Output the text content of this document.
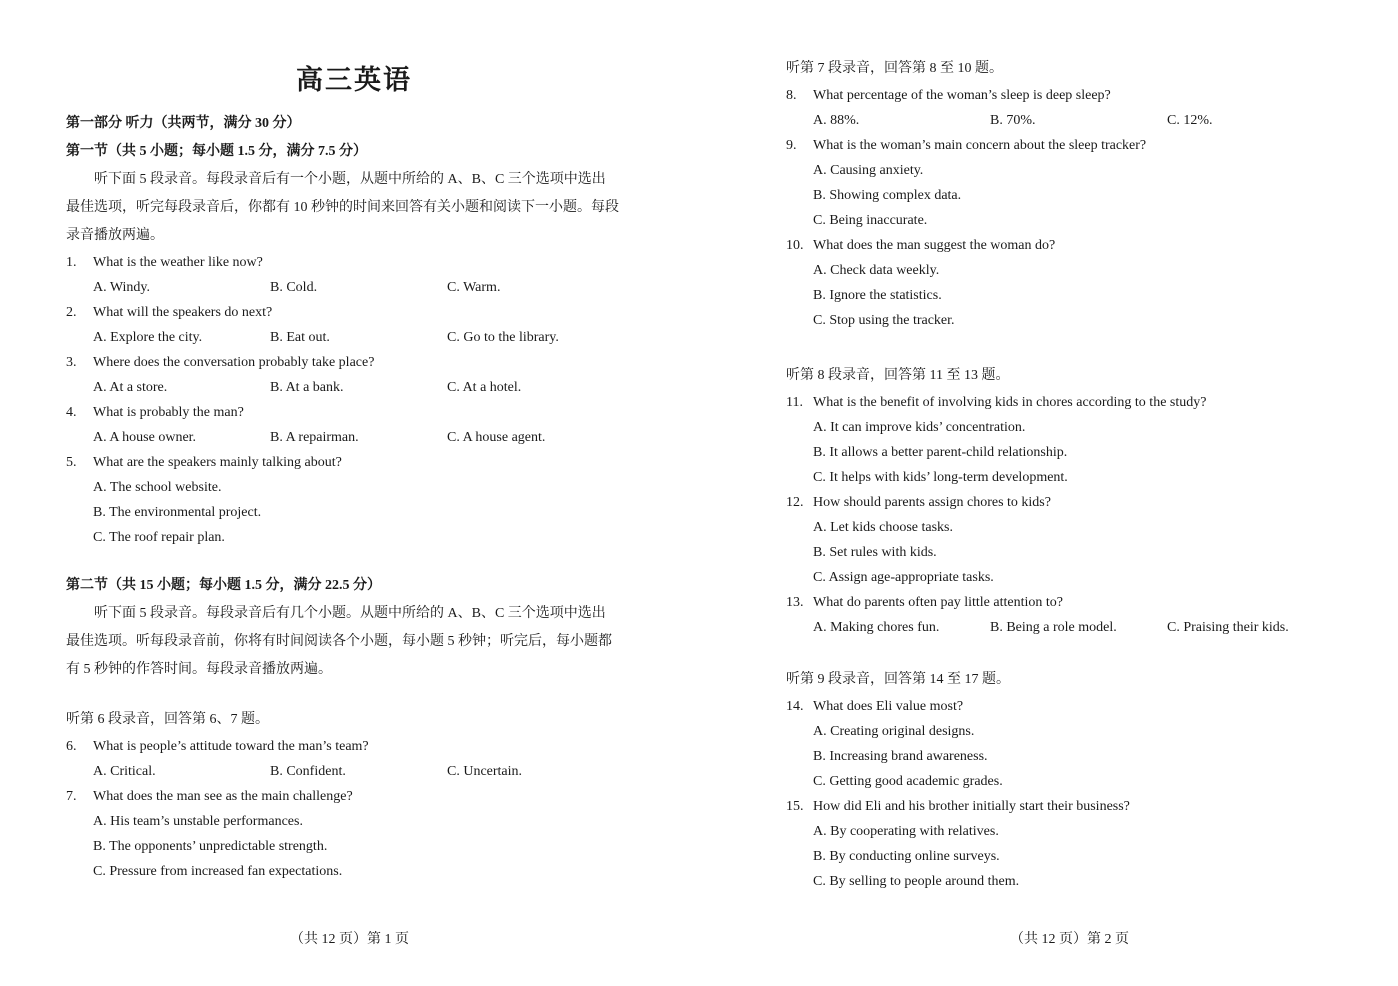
高三英语
第一部分 听力（共两节，满分 30 分）
第一节（共 5 小题；每小题 1.5 分，满分 7.5 分）
听下面 5 段录音。每段录音后有一个小题，从题中所给的 A、B、C 三个选项中选出
最佳选项，听完每段录音后，你都有 10 秒钟的时间来回答有关小题和阅读下一小题。每段
录音播放两遍。
1. What is the weather like now?
A. Windy.	B. Cold.	C. Warm.
2. What will the speakers do next?
A. Explore the city.	B. Eat out.	C. Go to the library.
3. Where does the conversation probably take place?
A. At a store.	B. At a bank.	C. At a hotel.
4. What is probably the man?
A. A house owner.	B. A repairman.	C. A house agent.
5. What are the speakers mainly talking about?
A. The school website.
B. The environmental project.
C. The roof repair plan.
第二节（共 15 小题；每小题 1.5 分，满分 22.5 分）
听下面 5 段录音。每段录音后有几个小题。从题中所给的 A、B、C 三个选项中选出
最佳选项。听每段录音前，你将有时间阅读各个小题，每小题 5 秒钟；听完后，每小题都
有 5 秒钟的作答时间。每段录音播放两遍。
听第 6 段录音，回答第 6、7 题。
6. What is people’s attitude toward the man’s team?
A. Critical.	B. Confident.	C. Uncertain.
7. What does the man see as the main challenge?
A. His team’s unstable performances.
B. The opponents’ unpredictable strength.
C. Pressure from increased fan expectations.
听第 7 段录音，回答第 8 至 10 题。
8. What percentage of the woman’s sleep is deep sleep?
A. 88%.	B. 70%.	C. 12%.
9. What is the woman’s main concern about the sleep tracker?
A. Causing anxiety.
B. Showing complex data.
C. Being inaccurate.
10. What does the man suggest the woman do?
A. Check data weekly.
B. Ignore the statistics.
C. Stop using the tracker.
听第 8 段录音，回答第 11 至 13 题。
11. What is the benefit of involving kids in chores according to the study?
A. It can improve kids’ concentration.
B. It allows a better parent-child relationship.
C. It helps with kids’ long-term development.
12. How should parents assign chores to kids?
A. Let kids choose tasks.
B. Set rules with kids.
C. Assign age-appropriate tasks.
13. What do parents often pay little attention to?
A. Making chores fun.	B. Being a role model.	C. Praising their kids.
听第 9 段录音，回答第 14 至 17 题。
14. What does Eli value most?
A. Creating original designs.
B. Increasing brand awareness.
C. Getting good academic grades.
15. How did Eli and his brother initially start their business?
A. By cooperating with relatives.
B. By conducting online surveys.
C. By selling to people around them.
（共 12 页）第 1 页	（共 12 页）第 2 页
